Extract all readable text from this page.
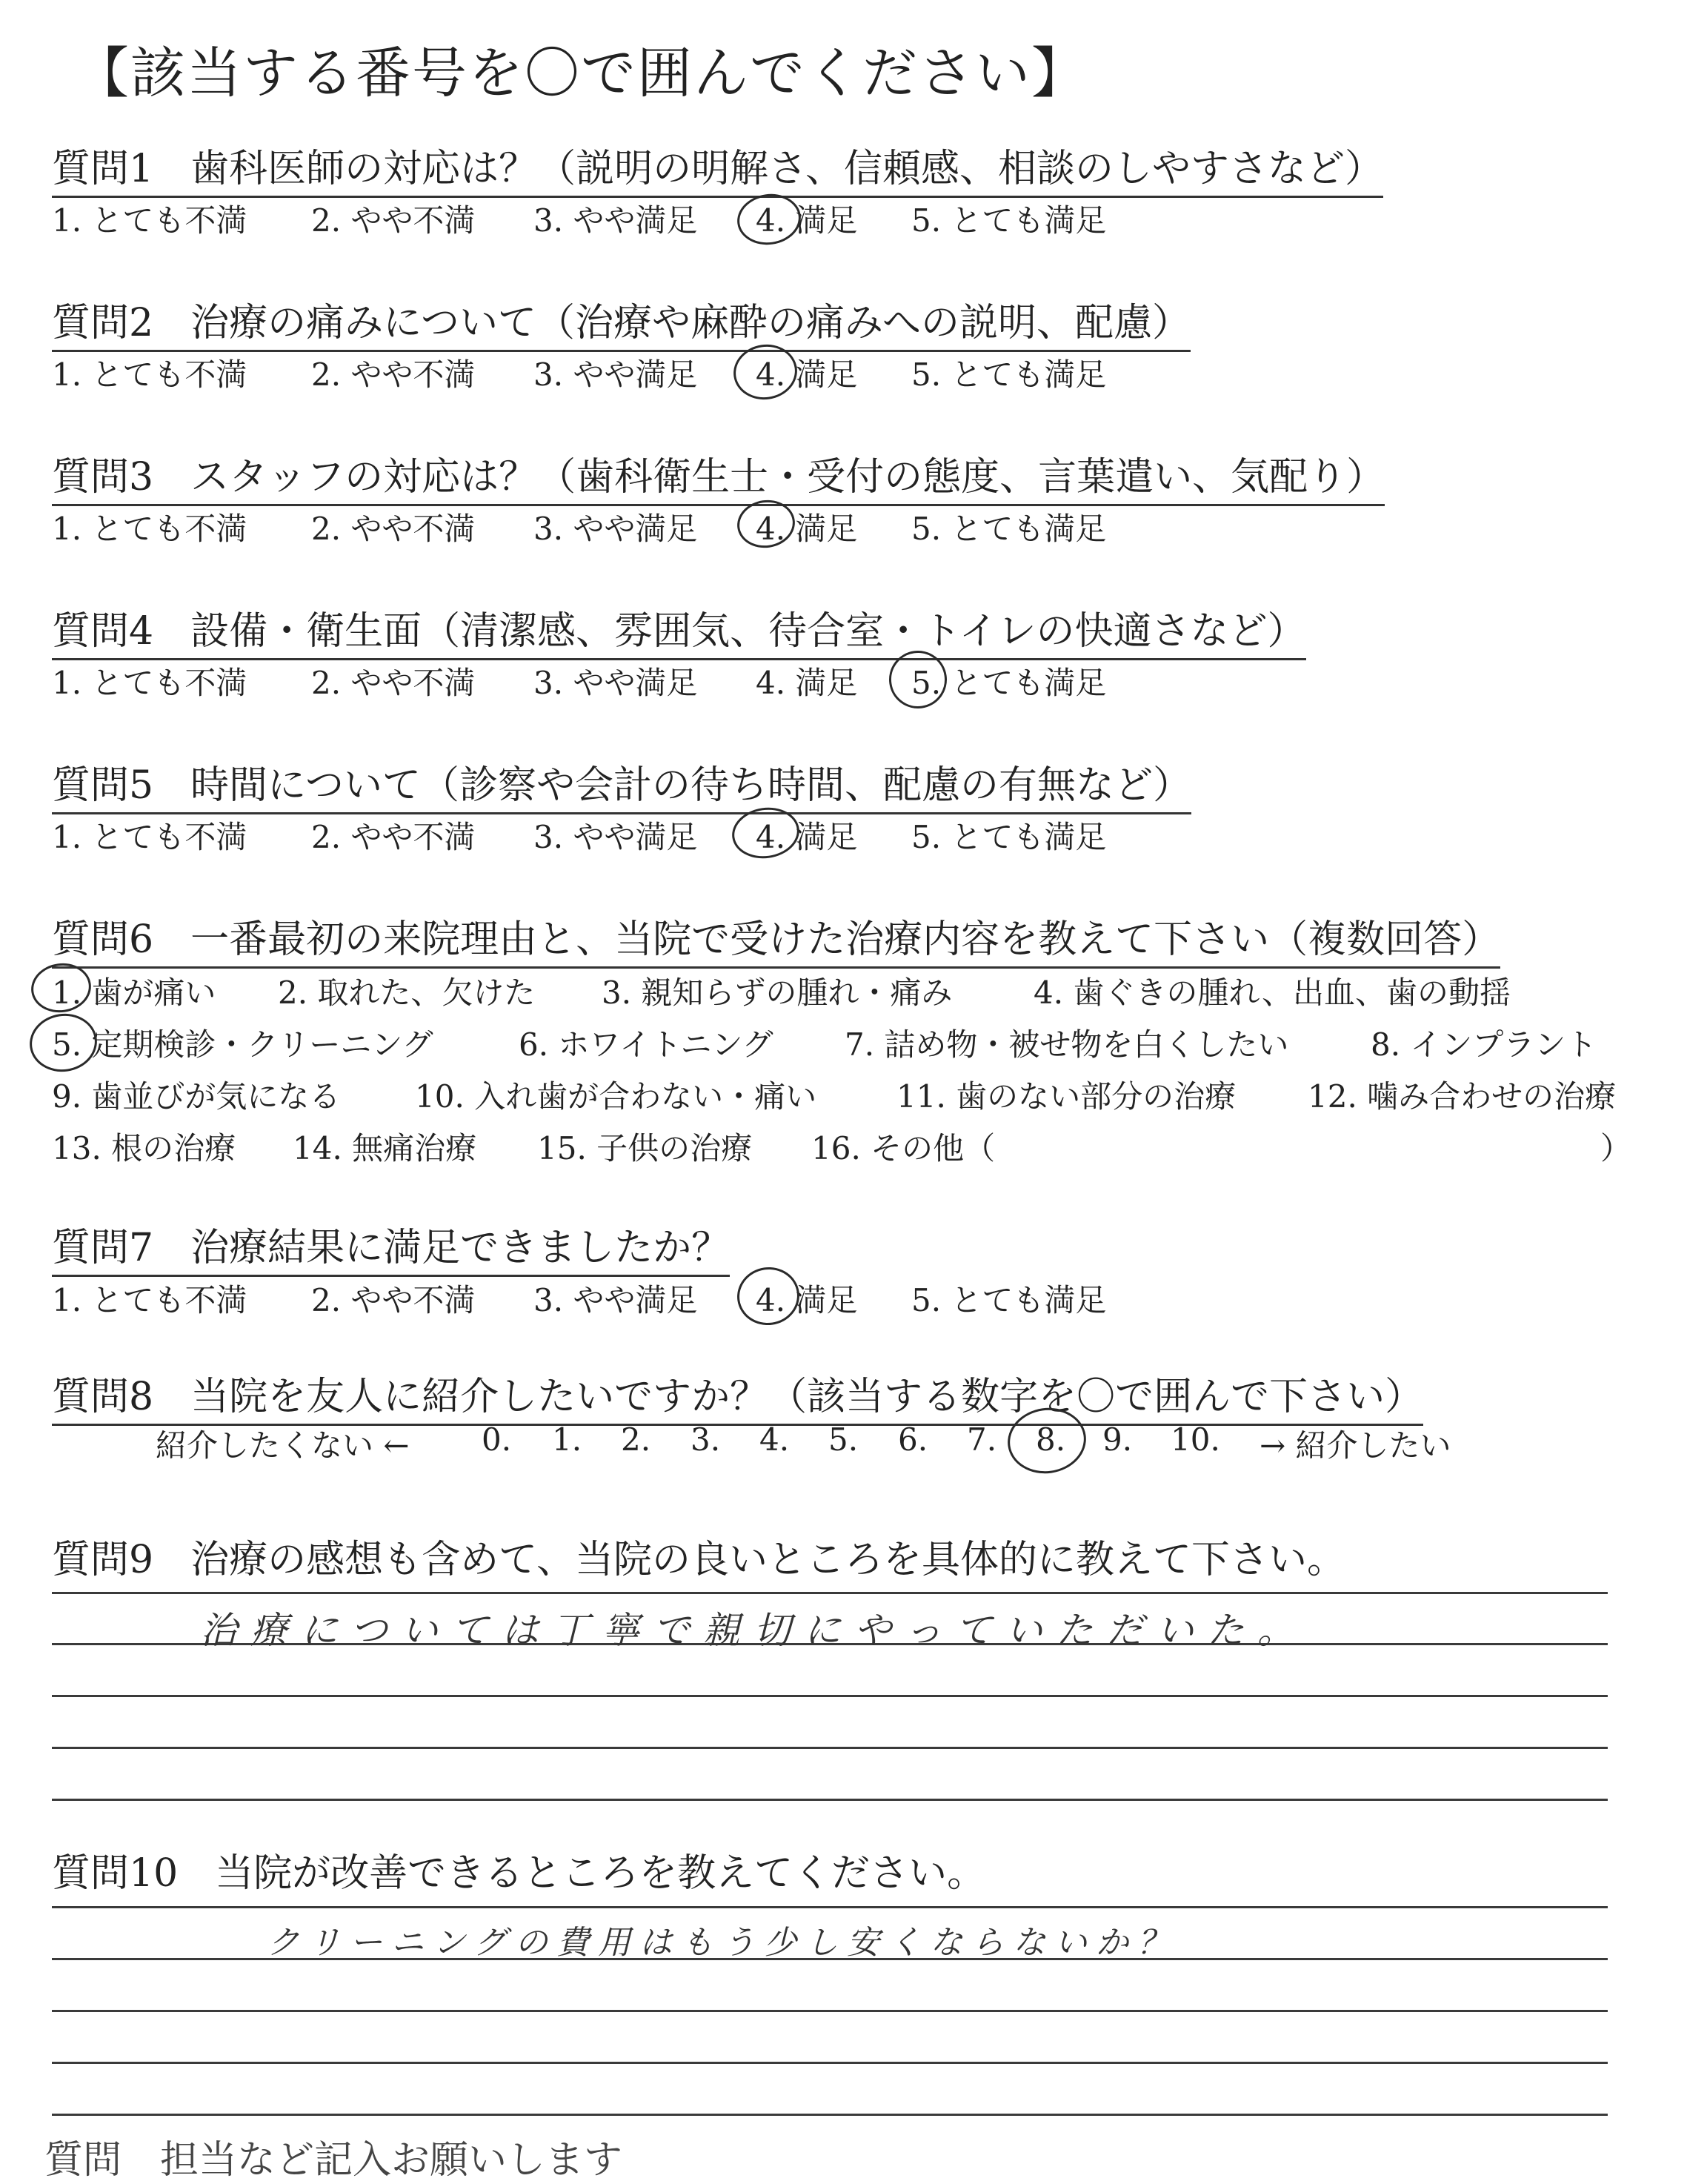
【該当する番号を〇で囲んでください】
質問1 歯科医師の対応は？（説明の明解さ、信頼感、相談のしやすさなど）
1. とても不満 2. やや不満 3. やや満足 4. 満足 5. とても満足
質問2 治療の痛みについて（治療や麻酔の痛みへの説明、配慮）
1. とても不満 2. やや不満 3. やや満足 4. 満足 5. とても満足
質問3 スタッフの対応は？（歯科衛生士・受付の態度、言葉遣い、気配り）
1. とても不満 2. やや不満 3. やや満足 4. 満足 5. とても満足
質問4 設備・衛生面（清潔感、雰囲気、待合室・トイレの快適さなど）
1. とても不満 2. やや不満 3. やや満足 4. 満足 5. とても満足
質問5 時間について（診察や会計の待ち時間、配慮の有無など）
1. とても不満 2. やや不満 3. やや満足 4. 満足 5. とても満足
質問6 一番最初の来院理由と、当院で受けた治療内容を教えて下さい（複数回答）
1. 歯が痛い 2. 取れた、欠けた 3. 親知らずの腫れ・痛み	4. 歯ぐきの腫れ、出血、歯の動揺
5. 定期検診・クリーニング	6. ホワイトニング 7. 詰め物・被せ物を白くしたい	8. インプラント
9. 歯並びが気になる 10. 入れ歯が合わない・痛い	11. 歯のない部分の治療 12. 噛み合わせの治療
13. 根の治療 14. 無痛治療 15. 子供の治療 16. その他（	）
質問7 治療結果に満足できましたか？
1. とても不満 2. やや不満 3. やや満足 4. 満足 5. とても満足
質問8 当院を友人に紹介したいですか？（該当する数字を〇で囲んで下さい）
紹介したくない ← 0. 1. 2. 3. 4. 5. 6. 7. 8. 9. 10. → 紹介したい
質問9 治療の感想も含めて、当院の良いところを具体的に教えて下さい。
治療については丁寧で親切にやっていただいた。
質問10 当院が改善できるところを教えてください。
クリーニングの費用はもう少し安くならないか？
質問　担当など記入お願いします
